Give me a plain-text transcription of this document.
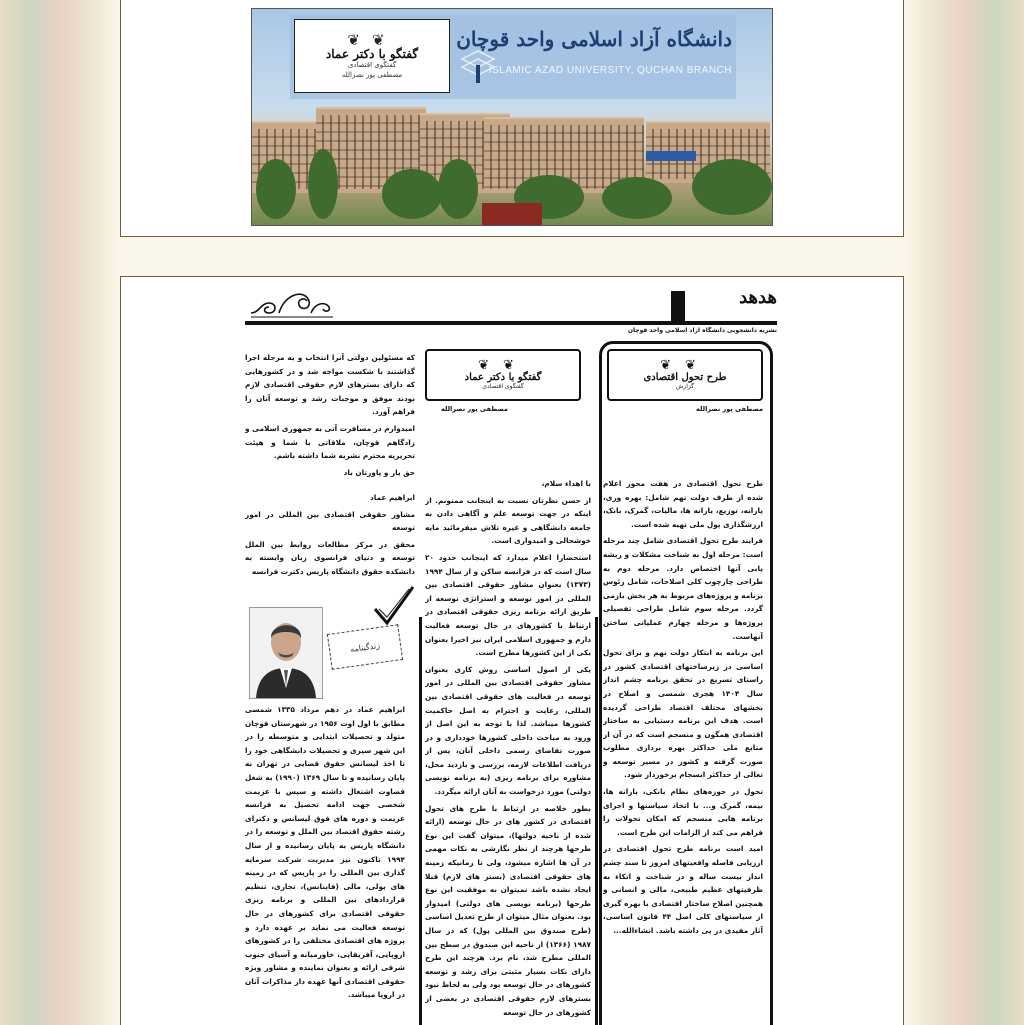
❦❦
گفتگو با دکتر عماد
گفتگوی اقتصادی
مصطفی پور نصرالله
دانشگاه آزاد اسلامی واحد قوچان
ISLAMIC AZAD UNIVERSITY, QUCHAN BRANCH
هدهد
نشریه دانشجویی دانشگاه آزاد اسلامی واحد قوچان
❦❦
طرح تحول اقتصادی
گزارش
مصطفی پور نصرالله

طرح تحول اقتصادی در هفت محور اعلام شده از طرف دولت نهم شامل: بهره وری، یارانه، توزیع، یارانه ها، مالیات، گمرک، بانک، ارزشگذاری پول ملی تهیه شده است.

فرایند طرح تحول اقتصادی شامل چند مرحله است: مرحله اول به شناخت مشکلات و ریشه یابی آنها اختصاص دارد. مرحله دوم به طراحی چارچوب کلی اصلاحات، شامل رئوس برنامه و پروژه‌های مربوط به هر بخش بازمی گردد. مرحله سوم شامل طراحی تفصیلی پروژه‌ها و مرحله چهارم عملیاتی ساختن آنهاست.

این برنامه به ابتکار دولت نهم و برای تحول اساسی در زیرساختهای اقتصادی کشور در راستای تسریع در تحقق برنامه چشم انداز سال ۱۴۰۴ هجری شمسی و اصلاح در بخشهای مختلف اقتصاد طراحی گردیده است. هدف این برنامه دستیابی به ساختار اقتصادی همگون و منسجم است که در آن از منابع ملی حداکثر بهره برداری مطلوب صورت گرفته و کشور در مسیر توسعه و تعالی از حداکثر انسجام برخوردار شود.

تحول در حوزه‌های نظام بانکی، یارانه ها، بیمه، گمرک و... با اتخاذ سیاستها و اجرای برنامه هایی منسجم که امکان تحولات را فراهم می کند از الزامات این طرح است.

امید است برنامه طرح تحول اقتصادی در ارزیابی فاصله واقعیتهای امروز تا سند چشم انداز بیست ساله و در شناخت و اتکاء به ظرفیتهای عظیم طبیعی، مالی و انسانی و همچنین اصلاح ساختار اقتصادی با بهره گیری از سیاستهای کلی اصل ۴۴ قانون اساسی، آثار مفیدی در پی داشته باشد. انشاءالله...

❦❦
گفتگو با دکتر عماد
گفتگوی اقتصادی
مصطفی پور نصرالله

با اهداء سلام،

از حسن نظرتان نسبت به اینجانب ممنونم. از اینکه در جهت توسعه علم و آگاهی دادن به جامعه دانشگاهی و غیره تلاش میفرمائید مایه خوشحالی و امیدواری است.

استحضارا اعلام میدارد که اینجانب حدود ۲۰ سال است که در فرانسه ساکن و از سال ۱۹۹۴ (۱۳۷۳) بعنوان مشاور حقوقی اقتصادی بین المللی در امور توسعه و استراتژی توسعه از طریق ارائه برنامه ریزی حقوقی اقتصادی در ارتباط با کشورهای در حال توسعه فعالیت دارم و جمهوری اسلامی ایران نیز اخیرا بعنوان یکی از این کشورها مطرح است.

یکی از اصول اساسی روش کاری بعنوان مشاور حقوقی اقتصادی بین المللی در امور توسعه در فعالیت های حقوقی اقتصادی بین المللی، رعایت و احترام به اصل حاکمیت کشورها میباشد. لذا با توجه به این اصل از ورود به مباحث داخلی کشورها خودداری و در صورت تقاضای رسمی داخلی آنان، پس از دریافت اطلاعات لازمه، بررسی و بازدید محل، مشاوره برای برنامه ریزی (به برنامه نویسی دولتی) مورد درخواست به آنان ارائه میگردد.

بطور خلاصه در ارتباط با طرح های تحول اقتصادی در کشور های در حال توسعه (ارائه شده از ناحیه دولتها)، میتوان گفت این نوع طرحها هرچند از نظر نگارشی به نکات مهمی در آن ها اشاره میشود، ولی تا زمانیکه زمینه های حقوقی اقتصادی (بستر های لازم) قبلا ایجاد نشده باشد نمیتوان به موفقیت این نوع طرحها (برنامه نویسی های دولتی) امیدوار بود. بعنوان مثال میتوان از طرح تعدیل اساسی (طرح صندوق بین المللی پول) که در سال ۱۹۸۷ (۱۳۶۶) از ناحیه این صندوق در سطح بین المللی مطرح شد، نام برد. هرچند این طرح دارای نکات بسیار مثبتی برای رشد و توسعه کشورهای در حال توسعه بود ولی به لحاظ نبود بسترهای لازم حقوقی اقتصادی در بعضی از کشورهای در حال توسعه

که مسئولین دولتی آنرا انتخاب و به مرحله اجرا گذاشتند با شکست مواجه شد و در کشورهایی که دارای بسترهای لازم حقوقی اقتصادی لازم بودند موفق و موجبات رشد و توسعه آنان را فراهم آورد.

امیدوارم در مسافرت آتی به جمهوری اسلامی و زادگاهم قوچان، ملاقاتی با شما و هیئت تحریریه محترم نشریه شما داشته باشم.

حق یار و یاورتان باد

ابراهیم عماد

مشاور حقوقی اقتصادی بین المللی در امور توسعه

محقق در مرکز مطالعات روابط بین الملل توسعه و دنیای فرانسوی زبان وابسته به دانشکده حقوق دانشگاه پاریس دکترت فرانسه

زندگینامه
ابراهیم عماد در دهم مرداد ۱۳۳۵ شمسی مطابق با اول اوت ۱۹۵۶ در شهرستان قوچان متولد و تحصیلات ابتدایی و متوسطه را در این شهر سپری و تحصیلات دانشگاهی خود را تا اخذ لیسانس حقوق قضایی در تهران به پایان رسانیده و تا سال ۱۳۶۹ (۱۹۹۰) به شغل قضاوت اشتغال داشته و سپس با عزیمت شخصی جهت ادامه تحصیل به فرانسه عزیمت و دوره های فوق لیسانس و دکترای رشته حقوق اقتصاد بین الملل و توسعه را در دانشگاه پاریس به پایان رسانیده و از سال ۱۹۹۴ تاکنون نیز مدیریت شرکت سرمایه گذاری بین المللی را در پاریس که در زمینه های پولی، مالی (فاینانس)، تجاری، تنظیم قراردادهای بین المللی و برنامه ریزی حقوقی اقتصادی برای کشورهای در حال توسعه فعالیت می نماید بر عهده دارد و پروژه های اقتصادی مختلفی را در کشورهای اروپایی، آفریقایی، خاورمیانه و آسیای جنوب شرقی ارائه و بعنوان نماینده و مشاور ویژه حقوقی اقتصادی آنها عهده دار مذاکرات آنان در اروپا میباشد.
